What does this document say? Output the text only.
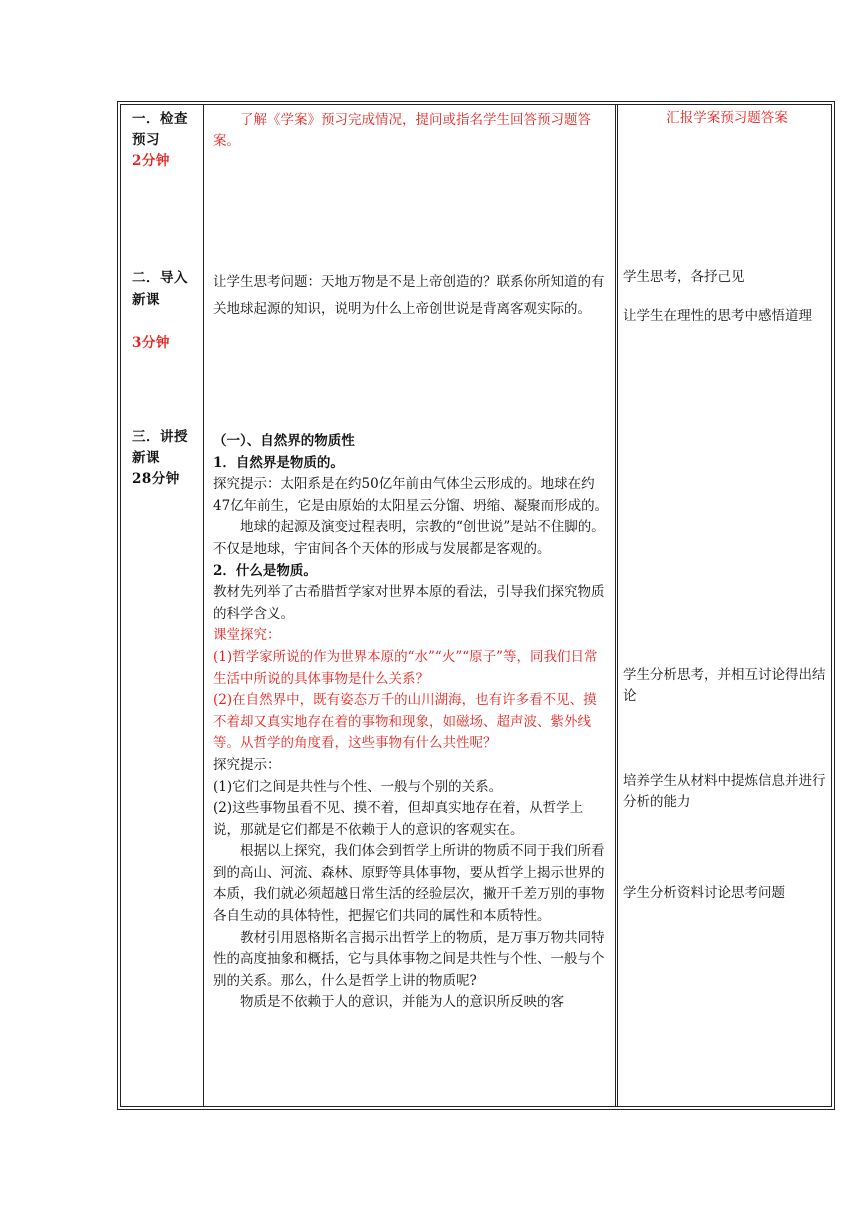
一．检查预习

2分钟

了解《学案》预习完成情况，提问或指名学生回答预习题答案。

汇报学案预习题答案

二．导入新课

3分钟

让学生思考问题：天地万物是不是上帝创造的？联系你所知道的有关地球起源的知识，说明为什么上帝创世说是背离客观实际的。

学生思考，各抒己见

让学生在理性的思考中感悟道理

三．讲授新课

28分钟

（一）、自然界的物质性

1．自然界是物质的。

探究提示：太阳系是在约50亿年前由气体尘云形成的。地球在约47亿年前生，它是由原始的太阳星云分馏、坍缩、凝聚而形成的。

地球的起源及演变过程表明，宗教的“创世说”是站不住脚的。不仅是地球，宇宙间各个天体的形成与发展都是客观的。

2．什么是物质。

教材先列举了古希腊哲学家对世界本原的看法，引导我们探究物质的科学含义。

课堂探究：

(1)哲学家所说的作为世界本原的“水”“火”“原子”等，同我们日常生活中所说的具体事物是什么关系？

(2)在自然界中，既有姿态万千的山川湖海，也有许多看不见、摸不着却又真实地存在着的事物和现象，如磁场、超声波、紫外线等。从哲学的角度看，这些事物有什么共性呢？

探究提示：

(1)它们之间是共性与个性、一般与个别的关系。

(2)这些事物虽看不见、摸不着，但却真实地存在着，从哲学上说，那就是它们都是不依赖于人的意识的客观实在。

根据以上探究，我们体会到哲学上所讲的物质不同于我们所看到的高山、河流、森林、原野等具体事物，要从哲学上揭示世界的本质，我们就必须超越日常生活的经验层次，撇开千差万别的事物各自生动的具体特性，把握它们共同的属性和本质特性。

教材引用恩格斯名言揭示出哲学上的物质，是万事万物共同特性的高度抽象和概括，它与具体事物之间是共性与个性、一般与个别的关系。那么，什么是哲学上讲的物质呢?

物质是不依赖于人的意识，并能为人的意识所反映的客

学生分析思考，并相互讨论得出结论

培养学生从材料中提炼信息并进行分析的能力

学生分析资料讨论思考问题
